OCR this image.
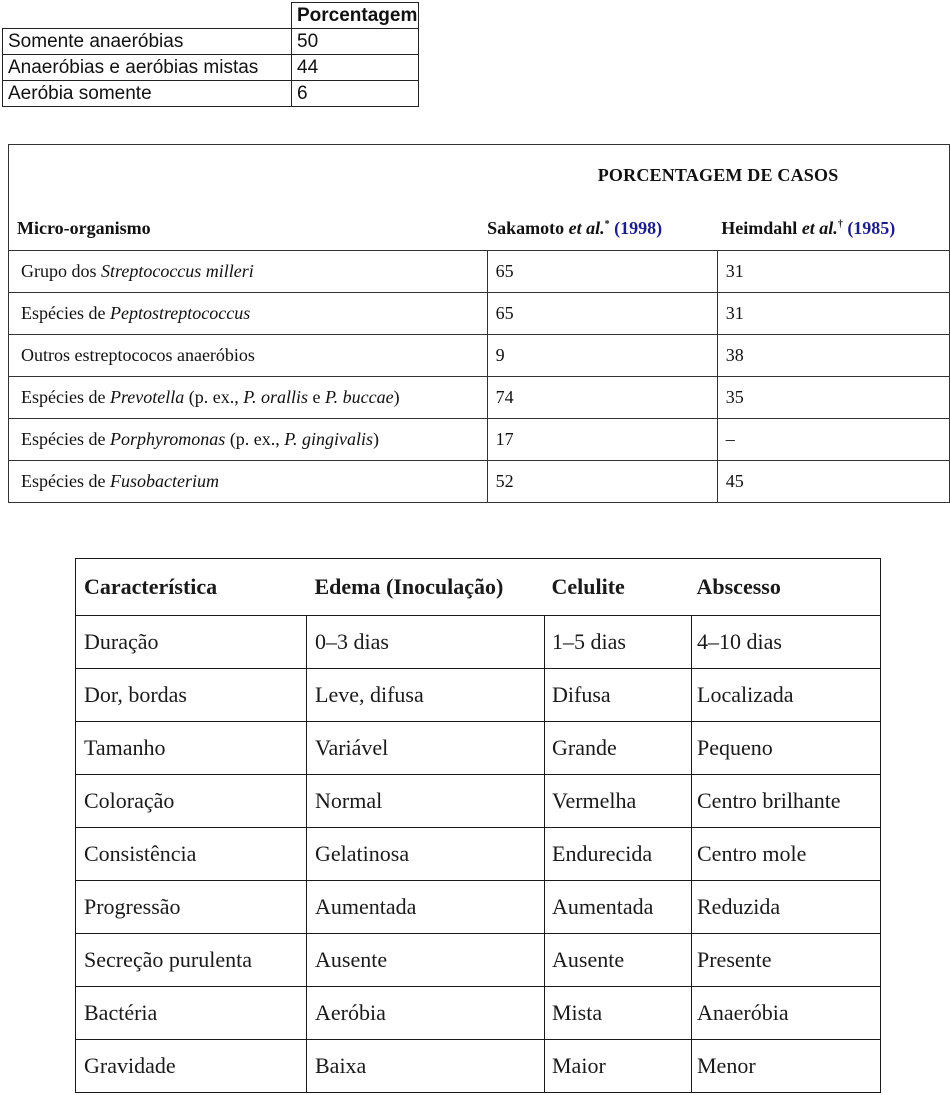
	Porcentagem
Somente anaeróbias	50
Anaeróbias e aeróbias mistas	44
Aeróbia somente	6
	PORCENTAGEM DE CASOS	
Micro-organismo	Sakamoto et al.* (1998)	Heimdahl et al.† (1985)
Grupo dos Streptococcus milleri	65	31
Espécies de Peptostreptococcus	65	31
Outros estreptococos anaeróbios	9	38
Espécies de Prevotella (p. ex., P. orallis e P. buccae)	74	35
Espécies de Porphyromonas (p. ex., P. gingivalis)	17	–
Espécies de Fusobacterium	52	45
Característica	Edema (Inoculação)	Celulite	Abscesso
Duração	0–3 dias	1–5 dias	4–10 dias
Dor, bordas	Leve, difusa	Difusa	Localizada
Tamanho	Variável	Grande	Pequeno
Coloração	Normal	Vermelha	Centro brilhante
Consistência	Gelatinosa	Endurecida	Centro mole
Progressão	Aumentada	Aumentada	Reduzida
Secreção purulenta	Ausente	Ausente	Presente
Bactéria	Aeróbia	Mista	Anaeróbia
Gravidade	Baixa	Maior	Menor
